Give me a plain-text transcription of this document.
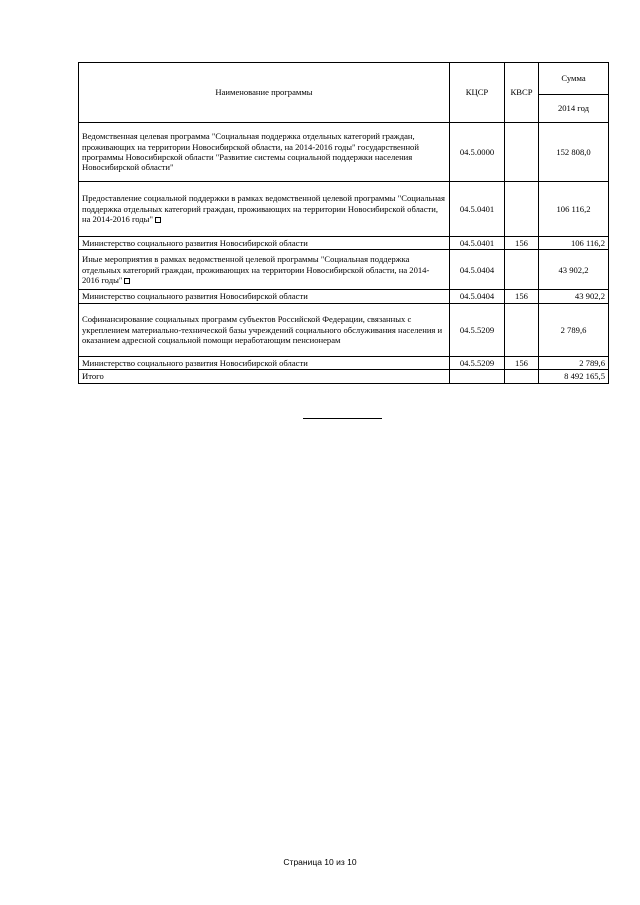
Наименование программы	КЦСР	КВСР	Сумма
			2014 год
Ведомственная целевая программа "Социальная поддержка отдельных категорий граждан, проживающих на территории Новосибирской области, на 2014-2016 годы" государственной программы Новосибирской области "Развитие системы социальной поддержки населения Новосибирской области"	04.5.0000		152 808,0
Предоставление социальной поддержки в рамках ведомственной целевой программы "Социальная поддержка отдельных категорий граждан, проживающих на территории Новосибирской области, на 2014-2016 годы"	04.5.0401		106 116,2
Министерство социального развития Новосибирской области	04.5.0401	156	106 116,2
Иные мероприятия в рамках ведомственной целевой программы "Социальная поддержка отдельных категорий граждан, проживающих на территории Новосибирской области, на 2014-2016 годы"	04.5.0404		43 902,2
Министерство социального развития Новосибирской области	04.5.0404	156	43 902,2
Софинансирование социальных программ субъектов Российской Федерации, связанных с укреплением материально-технической базы учреждений социального обслуживания населения и оказанием адресной социальной помощи неработающим пенсионерам	04.5.5209		2 789,6
Министерство социального развития Новосибирской области	04.5.5209	156	2 789,6
Итого			8 492 165,5
Страница 10 из 10
